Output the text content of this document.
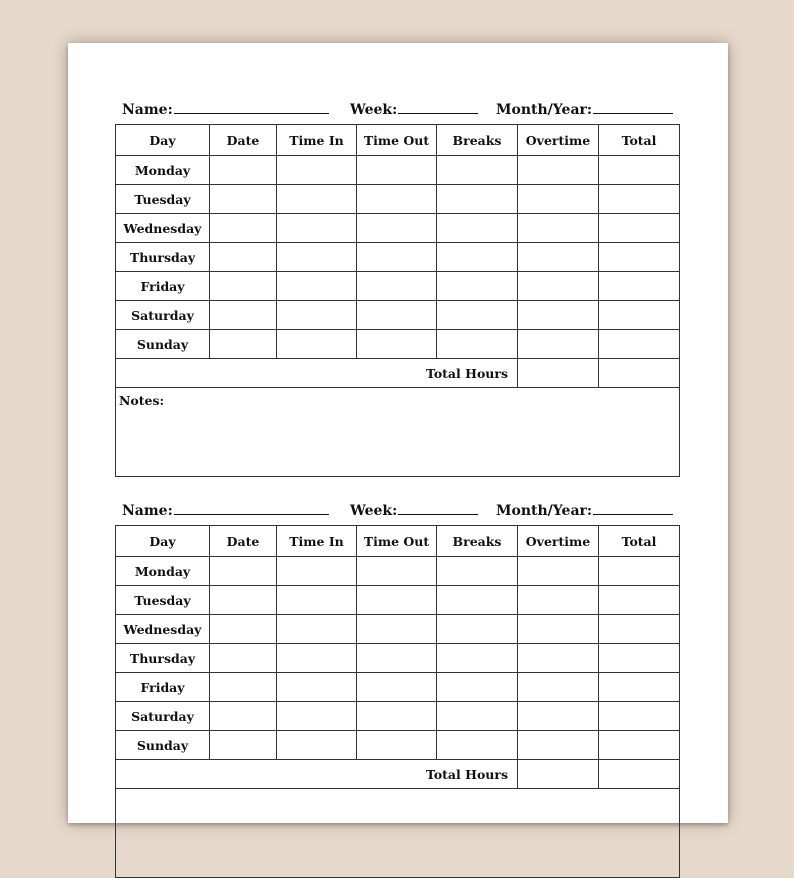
Name:	Week:	Month/Year:
Day	Date	Time In	Time Out	Breaks	Overtime	Total
Monday						
Tuesday						
Wednesday						
Thursday						
Friday						
Saturday						
Sunday						
Total Hours						
Notes:						
Name:	Week:	Month/Year:
Day	Date	Time In	Time Out	Breaks	Overtime	Total
Monday						
Tuesday						
Wednesday						
Thursday						
Friday						
Saturday						
Sunday						
Total Hours						
